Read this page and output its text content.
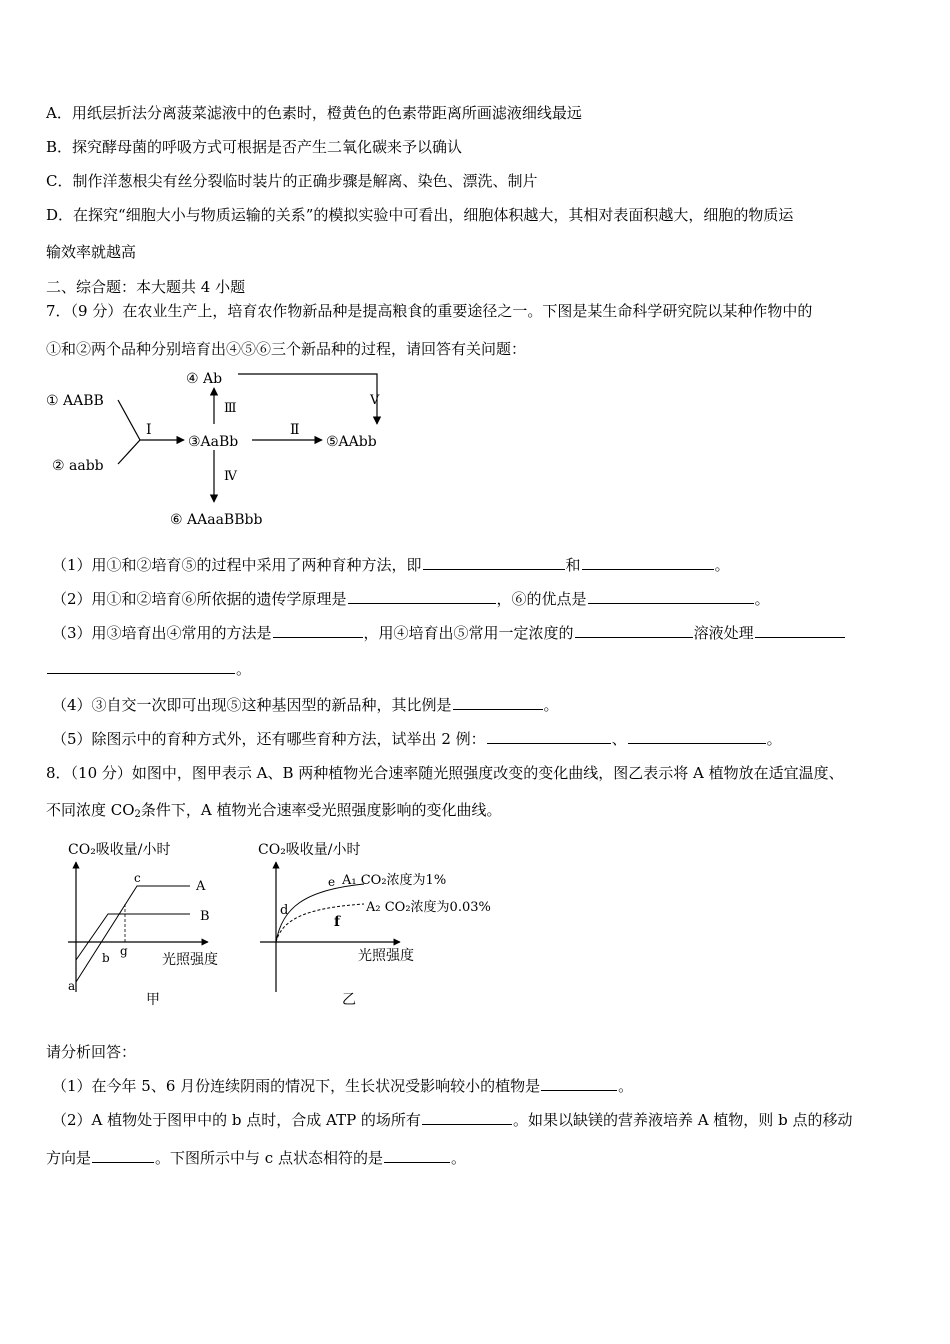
A．用纸层折法分离菠菜滤液中的色素时，橙黄色的色素带距离所画滤液细线最远
B．探究酵母菌的呼吸方式可根据是否产生二氧化碳来予以确认
C．制作洋葱根尖有丝分裂临时装片的正确步骤是解离、染色、漂洗、制片
D．在探究“细胞大小与物质运输的关系”的模拟实验中可看出，细胞体积越大，其相对表面积越大，细胞的物质运
输效率就越高
二、综合题：本大题共 4 小题
7．（9 分）在农业生产上，培育农作物新品种是提高粮食的重要途径之一。下图是某生命科学研究院以某种作物中的
①和②两个品种分别培育出④⑤⑥三个新品种的过程，请回答有关问题：
① AABB
② aabb
Ⅰ
③AaBb
Ⅱ
⑤AAbb
Ⅲ
④ Ab
Ⅴ
Ⅳ
⑥ AAaaBBbb
（1）用①和②培育⑤的过程中采用了两种育种方法，即	和	。
（2）用①和②培育⑥所依据的遗传学原理是	，⑥的优点是	。
（3）用③培育出④常用的方法是	，用④培育出⑤常用一定浓度的	溶液处理
。
（4）③自交一次即可出现⑤这种基因型的新品种，其比例是	。
（5）除图示中的育种方式外，还有哪些育种方法，试举出 2 例：	、	。
8．（10 分）如图中，图甲表示 A、B 两种植物光合速率随光照强度改变的变化曲线，图乙表示将 A 植物放在适宜温度、
不同浓度 $CO_2$条件下，A 植物光合速率受光照强度影响的变化曲线。
CO₂吸收量/小时
a
b
c
g
A
B
光照强度
甲
CO₂吸收量/小时
d
e
f
A₁ CO₂浓度为1%
A₂ CO₂浓度为0.03%
光照强度
乙
请分析回答：
（1）在今年 5、6 月份连续阴雨的情况下，生长状况受影响较小的植物是	。
（2）A 植物处于图甲中的 b 点时，合成 ATP 的场所有	。如果以缺镁的营养液培养 A 植物，则 b 点的移动
方向是	。下图所示中与 c 点状态相符的是	。
